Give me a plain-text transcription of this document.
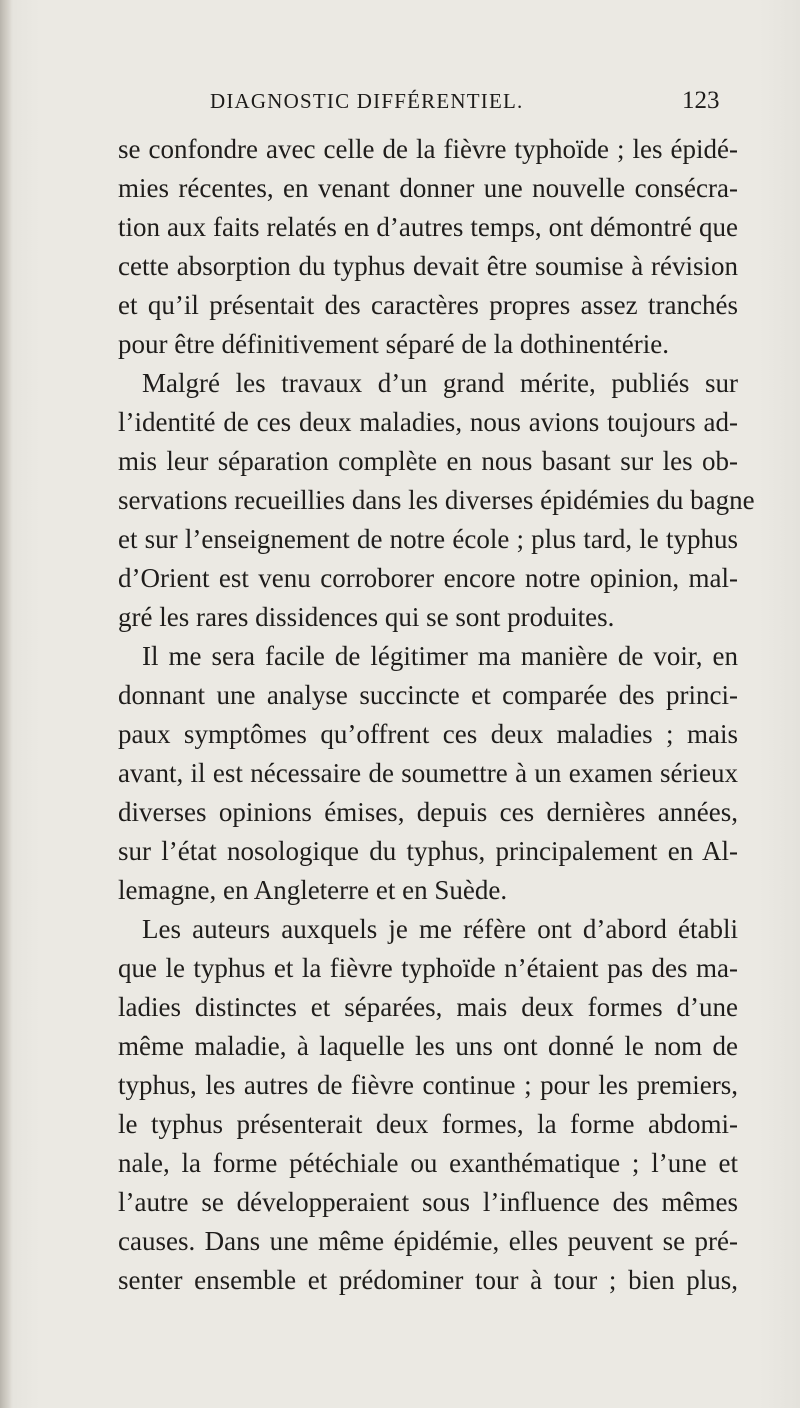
DIAGNOSTIC DIFFÉRENTIEL.	123
se confondre avec celle de la fièvre typhoïde ; les épidé-
mies récentes, en venant donner une nouvelle consécra-
tion aux faits relatés en d’autres temps, ont démontré que
cette absorption du typhus devait être soumise à révision
et qu’il présentait des caractères propres assez tranchés
pour être définitivement séparé de la dothinentérie.
Malgré les travaux d’un grand mérite, publiés sur
l’identité de ces deux maladies, nous avions toujours ad-
mis leur séparation complète en nous basant sur les ob-
servations recueillies dans les diverses épidémies du bagne
et sur l’enseignement de notre école ; plus tard, le typhus
d’Orient est venu corroborer encore notre opinion, mal-
gré les rares dissidences qui se sont produites.
Il me sera facile de légitimer ma manière de voir, en
donnant une analyse succincte et comparée des princi-
paux symptômes qu’offrent ces deux maladies ; mais
avant, il est nécessaire de soumettre à un examen sérieux
diverses opinions émises, depuis ces dernières années,
sur l’état nosologique du typhus, principalement en Al-
lemagne, en Angleterre et en Suède.
Les auteurs auxquels je me réfère ont d’abord établi
que le typhus et la fièvre typhoïde n’étaient pas des ma-
ladies distinctes et séparées, mais deux formes d’une
même maladie, à laquelle les uns ont donné le nom de
typhus, les autres de fièvre continue ; pour les premiers,
le typhus présenterait deux formes, la forme abdomi-
nale, la forme pétéchiale ou exanthématique ; l’une et
l’autre se développeraient sous l’influence des mêmes
causes. Dans une même épidémie, elles peuvent se pré-
senter ensemble et prédominer tour à tour ; bien plus,
